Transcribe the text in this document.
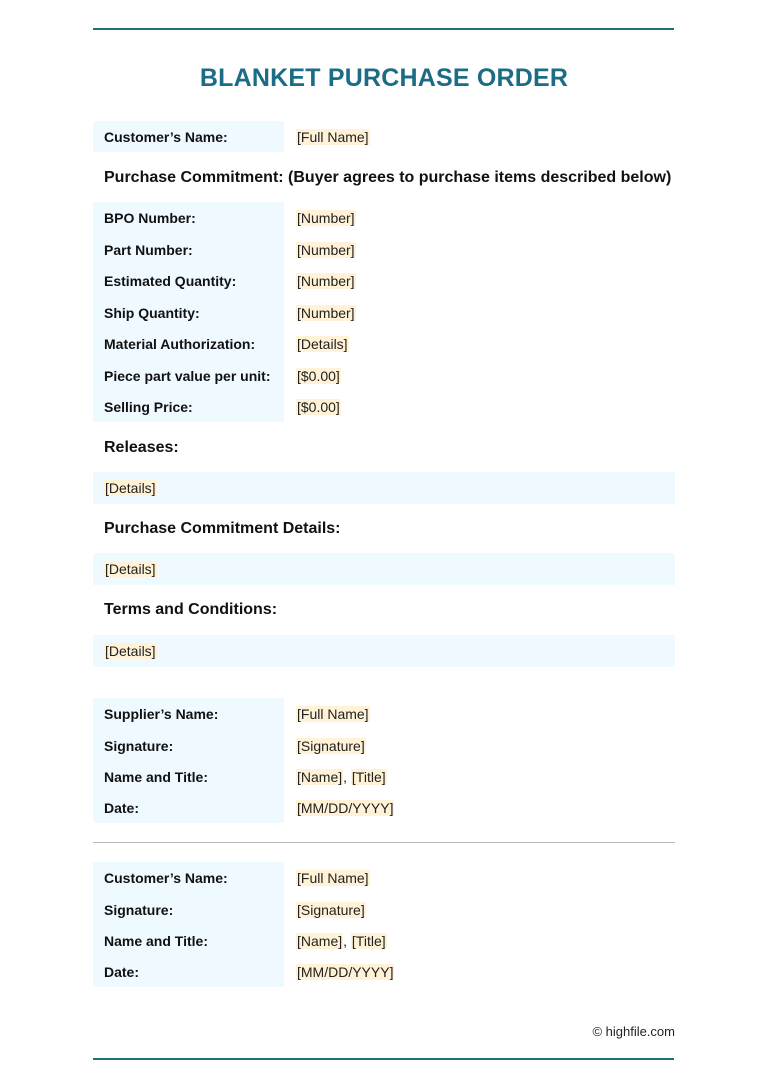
BLANKET PURCHASE ORDER
Customer’s Name:	[Full Name]
Purchase Commitment: (Buyer agrees to purchase items described below)
BPO Number:	[Number]
Part Number:	[Number]
Estimated Quantity:	[Number]
Ship Quantity:	[Number]
Material Authorization:	[Details]
Piece part value per unit:	[$0.00]
Selling Price:	[$0.00]
Releases:
[Details]
Purchase Commitment Details:
[Details]
Terms and Conditions:
[Details]
Supplier’s Name:	[Full Name]
Signature:	[Signature]
Name and Title:	[Name] , [Title]
Date:	[MM/DD/YYYY]
Customer’s Name:	[Full Name]
Signature:	[Signature]
Name and Title:	[Name] , [Title]
Date:	[MM/DD/YYYY]
© highfile.com
